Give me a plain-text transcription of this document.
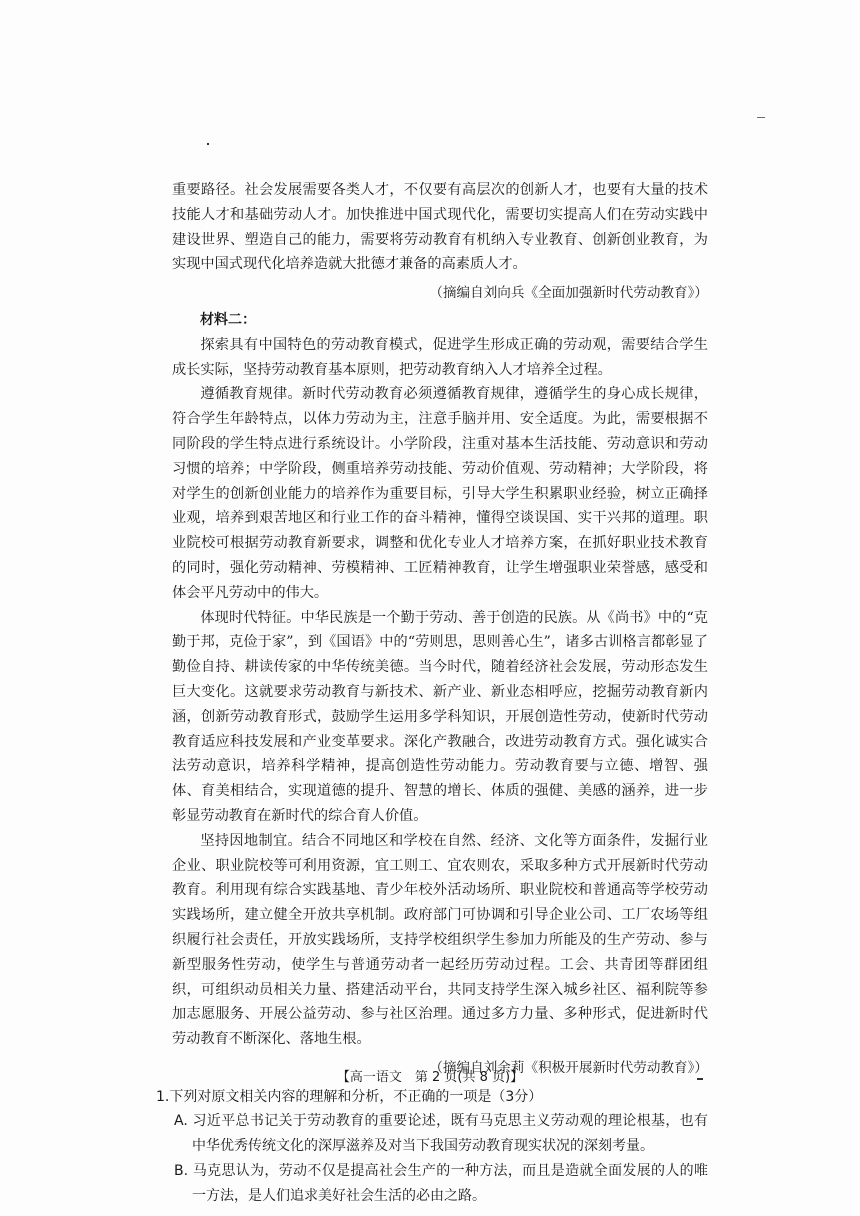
重要路径。社会发展需要各类人才，不仅要有高层次的创新人才，也要有大量的技术技能人才和基础劳动人才。加快推进中国式现代化，需要切实提高人们在劳动实践中建设世界、塑造自己的能力，需要将劳动教育有机纳入专业教育、创新创业教育，为实现中国式现代化培养造就大批德才兼备的高素质人才。

（摘编自刘向兵《全面加强新时代劳动教育》）

材料二：

探索具有中国特色的劳动教育模式，促进学生形成正确的劳动观，需要结合学生成长实际，坚持劳动教育基本原则，把劳动教育纳入人才培养全过程。

遵循教育规律。新时代劳动教育必须遵循教育规律，遵循学生的身心成长规律，符合学生年龄特点，以体力劳动为主，注意手脑并用、安全适度。为此，需要根据不同阶段的学生特点进行系统设计。小学阶段，注重对基本生活技能、劳动意识和劳动习惯的培养；中学阶段，侧重培养劳动技能、劳动价值观、劳动精神；大学阶段，将对学生的创新创业能力的培养作为重要目标，引导大学生积累职业经验，树立正确择业观，培养到艰苦地区和行业工作的奋斗精神，懂得空谈误国、实干兴邦的道理。职业院校可根据劳动教育新要求，调整和优化专业人才培养方案，在抓好职业技术教育的同时，强化劳动精神、劳模精神、工匠精神教育，让学生增强职业荣誉感，感受和体会平凡劳动中的伟大。

体现时代特征。中华民族是一个勤于劳动、善于创造的民族。从《尚书》中的“克勤于邦，克俭于家”，到《国语》中的“劳则思，思则善心生”，诸多古训格言都彰显了勤俭自持、耕读传家的中华传统美德。当今时代，随着经济社会发展，劳动形态发生巨大变化。这就要求劳动教育与新技术、新产业、新业态相呼应，挖掘劳动教育新内涵，创新劳动教育形式，鼓励学生运用多学科知识，开展创造性劳动，使新时代劳动教育适应科技发展和产业变革要求。深化产教融合，改进劳动教育方式。强化诚实合法劳动意识，培养科学精神，提高创造性劳动能力。劳动教育要与立德、增智、强体、育美相结合，实现道德的提升、智慧的增长、体质的强健、美感的涵养，进一步彰显劳动教育在新时代的综合育人价值。

坚持因地制宜。结合不同地区和学校在自然、经济、文化等方面条件，发掘行业企业、职业院校等可利用资源，宜工则工、宜农则农，采取多种方式开展新时代劳动教育。利用现有综合实践基地、青少年校外活动场所、职业院校和普通高等学校劳动实践场所，建立健全开放共享机制。政府部门可协调和引导企业公司、工厂农场等组织履行社会责任，开放实践场所，支持学校组织学生参加力所能及的生产劳动、参与新型服务性劳动，使学生与普通劳动者一起经历劳动过程。工会、共青团等群团组织，可组织动员相关力量、搭建活动平台，共同支持学生深入城乡社区、福利院等参加志愿服务、开展公益劳动、参与社区治理。通过多方力量、多种形式，促进新时代劳动教育不断深化、落地生根。

（摘编自刘余莉《积极开展新时代劳动教育》）

1.下列对原文相关内容的理解和分析，不正确的一项是（3分）

A. 习近平总书记关于劳动教育的重要论述，既有马克思主义劳动观的理论根基，也有中华优秀传统文化的深厚滋养及对当下我国劳动教育现实状况的深刻考量。

B. 马克思认为，劳动不仅是提高社会生产的一种方法，而且是造就全面发展的人的唯一方法，是人们追求美好社会生活的必由之路。

【高一语文　第 2 页(共 8 页)】
